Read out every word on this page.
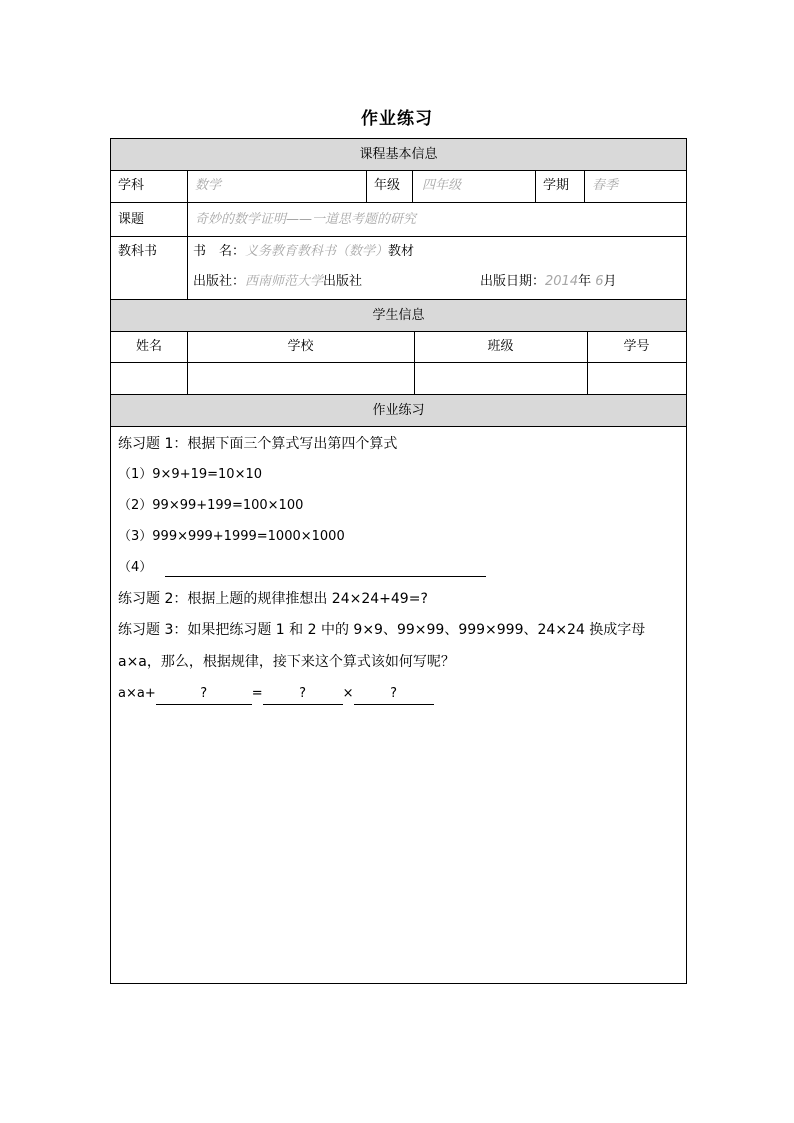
作业练习
课程基本信息
学科	数学	年级 四年级	学期 春季
课题	奇妙的数学证明——一道思考题的研究
教科书	书　名：义务教育教科书（数学）教材
出版社：西南师范大学出版社	出版日期：2014年 6月
学生信息
姓名	学校	班级	学号
作业练习
练习题 1：根据下面三个算式写出第四个算式
（1）9×9+19=10×10
（2）99×99+199=100×100
（3）999×999+1999=1000×1000
（4）
练习题 2：根据上题的规律推想出 24×24+49=?
练习题 3：如果把练习题 1 和 2 中的 9×9、99×99、999×999、24×24 换成字母
a×a，那么，根据规律，接下来这个算式该如何写呢？
a×a+	?	=	?	×	?
